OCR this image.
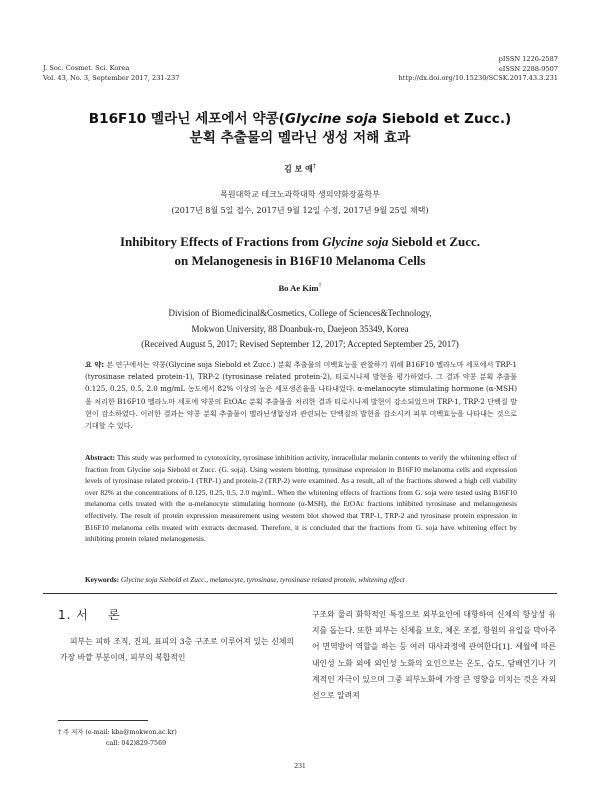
J. Soc. Cosmet. Sci. Korea
Vol. 43, No. 3, September 2017, 231-237
pISSN 1226-2587
eISSN 2288-9507
http://dx.doi.org/10.15230/SCSK.2017.43.3.231
B16F10 멜라닌 세포에서 약콩(Glycine soja Siebold et Zucc.)
분획 추출물의 멜라닌 생성 저해 효과
김 보 애†
목원대학교 테크노과학대학 생의약화장품학부
(2017년 8월 5일 접수, 2017년 9월 12일 수정, 2017년 9월 25일 채택)
Inhibitory Effects of Fractions from Glycine soja Siebold et Zucc.
on Melanogenesis in B16F10 Melanoma Cells
Bo Ae Kim†
Division of Biomedicinal&Cosmetics, College of Sciences&Technology,
Mokwon University, 88 Doanbuk-ro, Daejeon 35349, Korea
(Received August 5, 2017; Revised September 12, 2017; Accepted September 25, 2017)
요 약: 본 연구에서는 약콩(Glycine soja Siebold et Zucc.) 분획 추출물의 미백효능을 관찰하기 위해 B16F10 멜라노마 세포에서 TRP-1 (tyrosinase related protein-1), TRP-2 (tyrosinase related protein-2), 티로시나제 발현을 평가하였다. 그 결과 약콩 분획 추출물 0.125, 0.25, 0.5, 2.0 mg/mL 농도에서 82% 이상의 높은 세포생존율을 나타내었다. α-melanocyte stimulating hormone (α-MSH)을 처리한 B16F10 멜라노마 세포에 약콩의 EtOAc 분획 추출물을 처리한 결과 티로시나제 발현이 감소되었으며 TRP-1, TRP-2 단백질 발현이 감소하였다. 이러한 결과는 약콩 분획 추출물이 멜라닌생합성과 관련되는 단백질의 발현을 감소시켜 피부 미백효능을 나타내는 것으로 기대할 수 있다.
Abstract: This study was performed to cytotoxicity, tyrosinase inhibition activity, intracellular melanin contents to verify the whitening effect of fraction from Glycine soja Siebold et Zucc. (G. soja). Using western blotting, tyrosinase expression in B16F10 melanoma cells and expression levels of tyrosinase related protein-1 (TRP-1) and protein-2 (TRP-2) were examined. As a result, all of the fractions showed a high cell viability over 82% at the concentrations of 0.125, 0.25, 0.5, 2.0 mg/mL. When the whitening effects of fractions from G. soja were tested using B16F10 melanoma cells treated with the α-melanocyte stimulating hormone (α-MSH), the EtOAc fractions inhibited tyrosinase and melanogenesis effectively. The result of protein expression measurement using western blot showed that TRP-1, TRP-2 and tyrosinase protein expression in B16F10 melanoma cells treated with extracts decreased. Therefore, it is concluded that the fractions from G. soja have whitening effect by inhibiting protein related melanogenesis.
Keywords: Glycine soja Siebold et Zucc., melanocyte, tyrosinase, tyrosinase related protein, whitening effect
1. 서    론
피부는 피하 조직, 진피, 표피의 3층 구조로 이루어져 있는 신체의 가장 바깥 부분이며, 피부의 복합적인
구조와 물리 화학적인 특징으로 외부요인에 대항하여 신체의 항상성 유지를 돕는다. 또한 피부는 신체를 보호, 체온 조절, 항원의 유입을 막아주어 면역방어 역할을 하는 등 여러 대사과정에 관여한다[1]. 세월에 따른 내인성 노화 외에 외인성 노화의 요인으로는 온도, 습도, 담배연기나 기계적인 자극이 있으며 그중 피부노화에 가장 큰 영향을 미치는 것은 자외선으로 알려져
† 주 저자 (e-mail: kba@mokwon.ac.kr)
call: 042)829-7569
231
